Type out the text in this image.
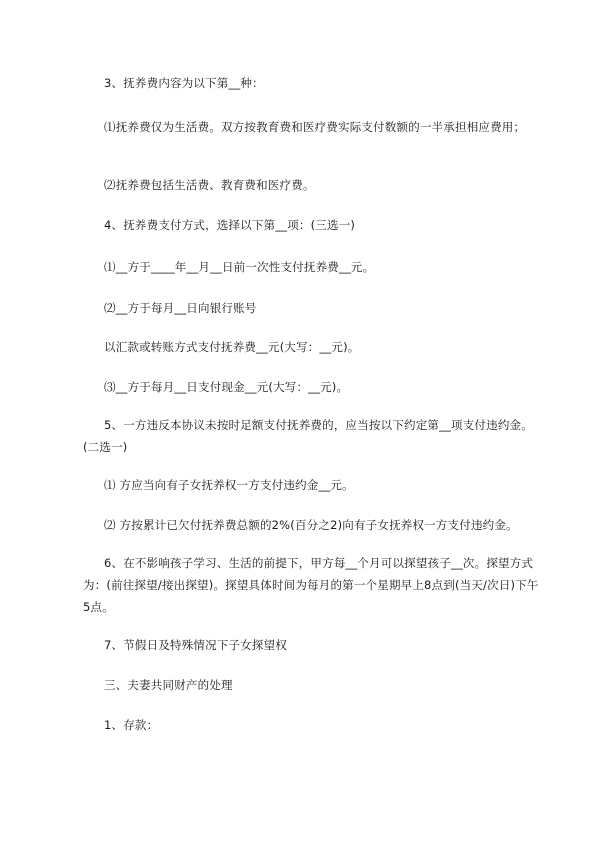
3、抚养费内容为以下第__种：
⑴抚养费仅为生活费。双方按教育费和医疗费实际支付数额的一半承担相应费用；
⑵抚养费包括生活费、教育费和医疗费。
4、抚养费支付方式，选择以下第__项：(三选一)
⑴__方于____年__月__日前一次性支付抚养费__元。
⑵__方于每月__日向银行账号
以汇款或转账方式支付抚养费__元(大写：__元)。
⑶__方于每月__日支付现金__元(大写：__元)。
5、一方违反本协议未按时足额支付抚养费的，应当按以下约定第__项支付违约金。(二选一)
⑴ 方应当向有子女抚养权一方支付违约金__元。
⑵ 方按累计已欠付抚养费总额的2%(百分之2)向有子女抚养权一方支付违约金。
6、在不影响孩子学习、生活的前提下，甲方每__个月可以探望孩子__次。探望方式为：(前往探望/接出探望)。探望具体时间为每月的第一个星期早上8点到(当天/次日)下午5点。
7、节假日及特殊情况下子女探望权
三、夫妻共同财产的处理
1、存款：
